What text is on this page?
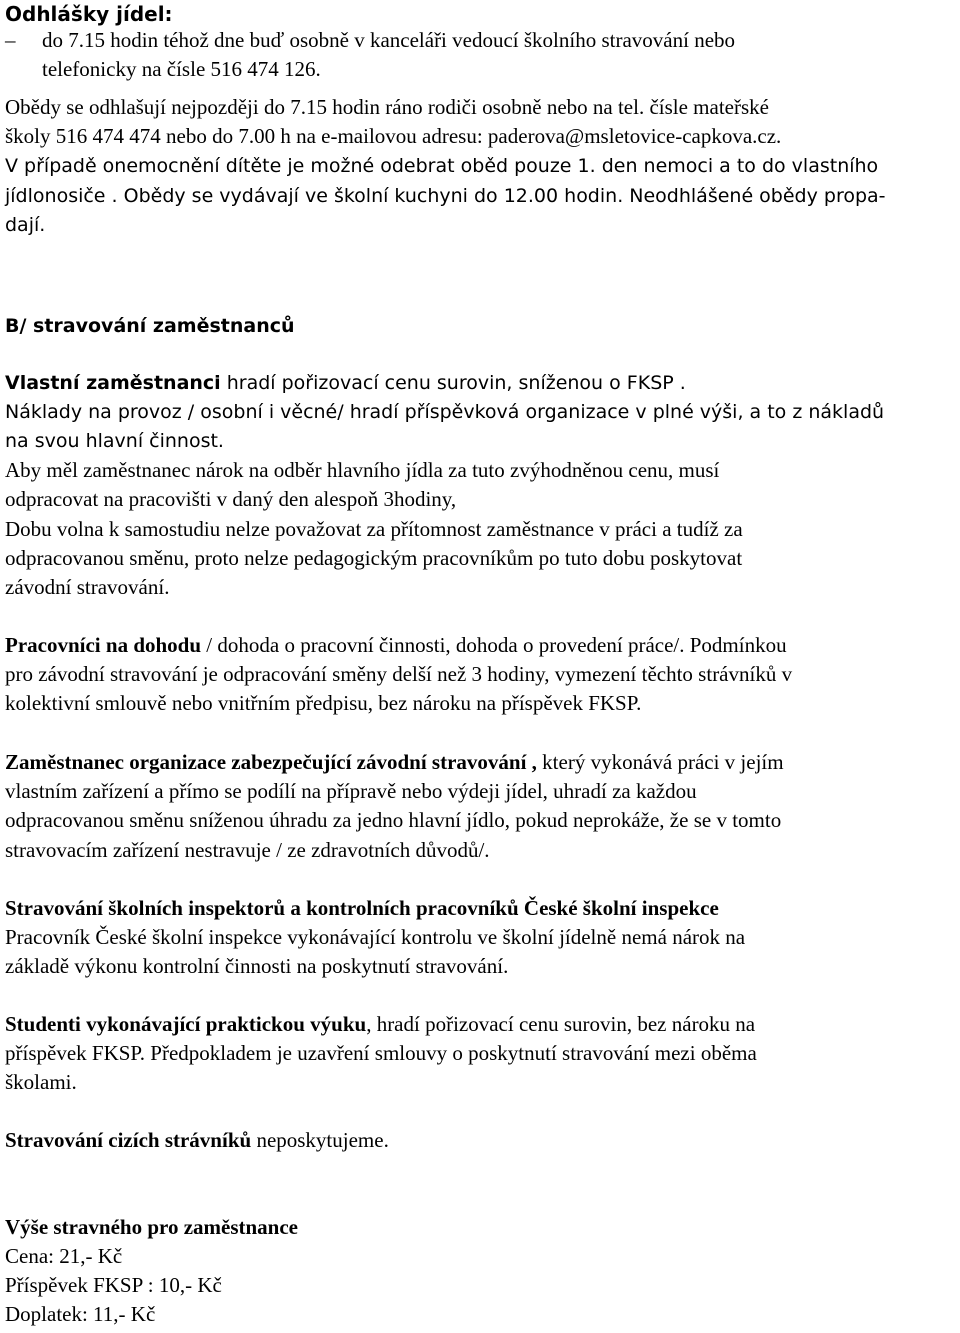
Odhlášky jídel:
– do 7.15 hodin téhož dne buď osobně v kanceláři vedoucí školního stravování nebo
telefonicky na čísle 516 474 126.
Obědy se odhlašují nejpozději do 7.15 hodin ráno rodiči osobně nebo na tel. čísle mateřské
školy 516 474 474 nebo do 7.00 h na e-mailovou adresu: paderova@msletovice-capkova.cz.
V případě onemocnění dítěte je možné odebrat oběd pouze 1. den nemoci a to do vlastního
jídlonosiče . Obědy se vydávají ve školní kuchyni do 12.00 hodin. Neodhlášené obědy propa-
dají.
B/ stravování zaměstnanců
Vlastní zaměstnanci hradí pořizovací cenu surovin, sníženou o FKSP .
Náklady na provoz / osobní i věcné/ hradí příspěvková organizace v plné výši, a to z nákladů
na svou hlavní činnost.
Aby měl zaměstnanec nárok na odběr hlavního jídla za tuto zvýhodněnou cenu, musí
odpracovat na pracovišti v daný den alespoň 3hodiny,
Dobu volna k samostudiu nelze považovat za přítomnost zaměstnance v práci a tudíž za
odpracovanou směnu, proto nelze pedagogickým pracovníkům po tuto dobu poskytovat
závodní stravování.
Pracovníci na dohodu / dohoda o pracovní činnosti, dohoda o provedení práce/. Podmínkou
pro závodní stravování je odpracování směny delší než 3 hodiny, vymezení těchto strávníků v
kolektivní smlouvě nebo vnitřním předpisu, bez nároku na příspěvek FKSP.
Zaměstnanec organizace zabezpečující závodní stravování , který vykonává práci v jejím
vlastním zařízení a přímo se podílí na přípravě nebo výdeji jídel, uhradí za každou
odpracovanou směnu sníženou úhradu za jedno hlavní jídlo, pokud neprokáže, že se v tomto
stravovacím zařízení nestravuje / ze zdravotních důvodů/.
Stravování školních inspektorů a kontrolních pracovníků České školní inspekce
Pracovník České školní inspekce vykonávající kontrolu ve školní jídelně nemá nárok na
základě výkonu kontrolní činnosti na poskytnutí stravování.
Studenti vykonávající praktickou výuku, hradí pořizovací cenu surovin, bez nároku na
příspěvek FKSP. Předpokladem je uzavření smlouvy o poskytnutí stravování mezi oběma
školami.
Stravování cizích strávníků neposkytujeme.
Výše stravného pro zaměstnance
Cena: 21,- Kč
Příspěvek FKSP : 10,- Kč
Doplatek: 11,- Kč
